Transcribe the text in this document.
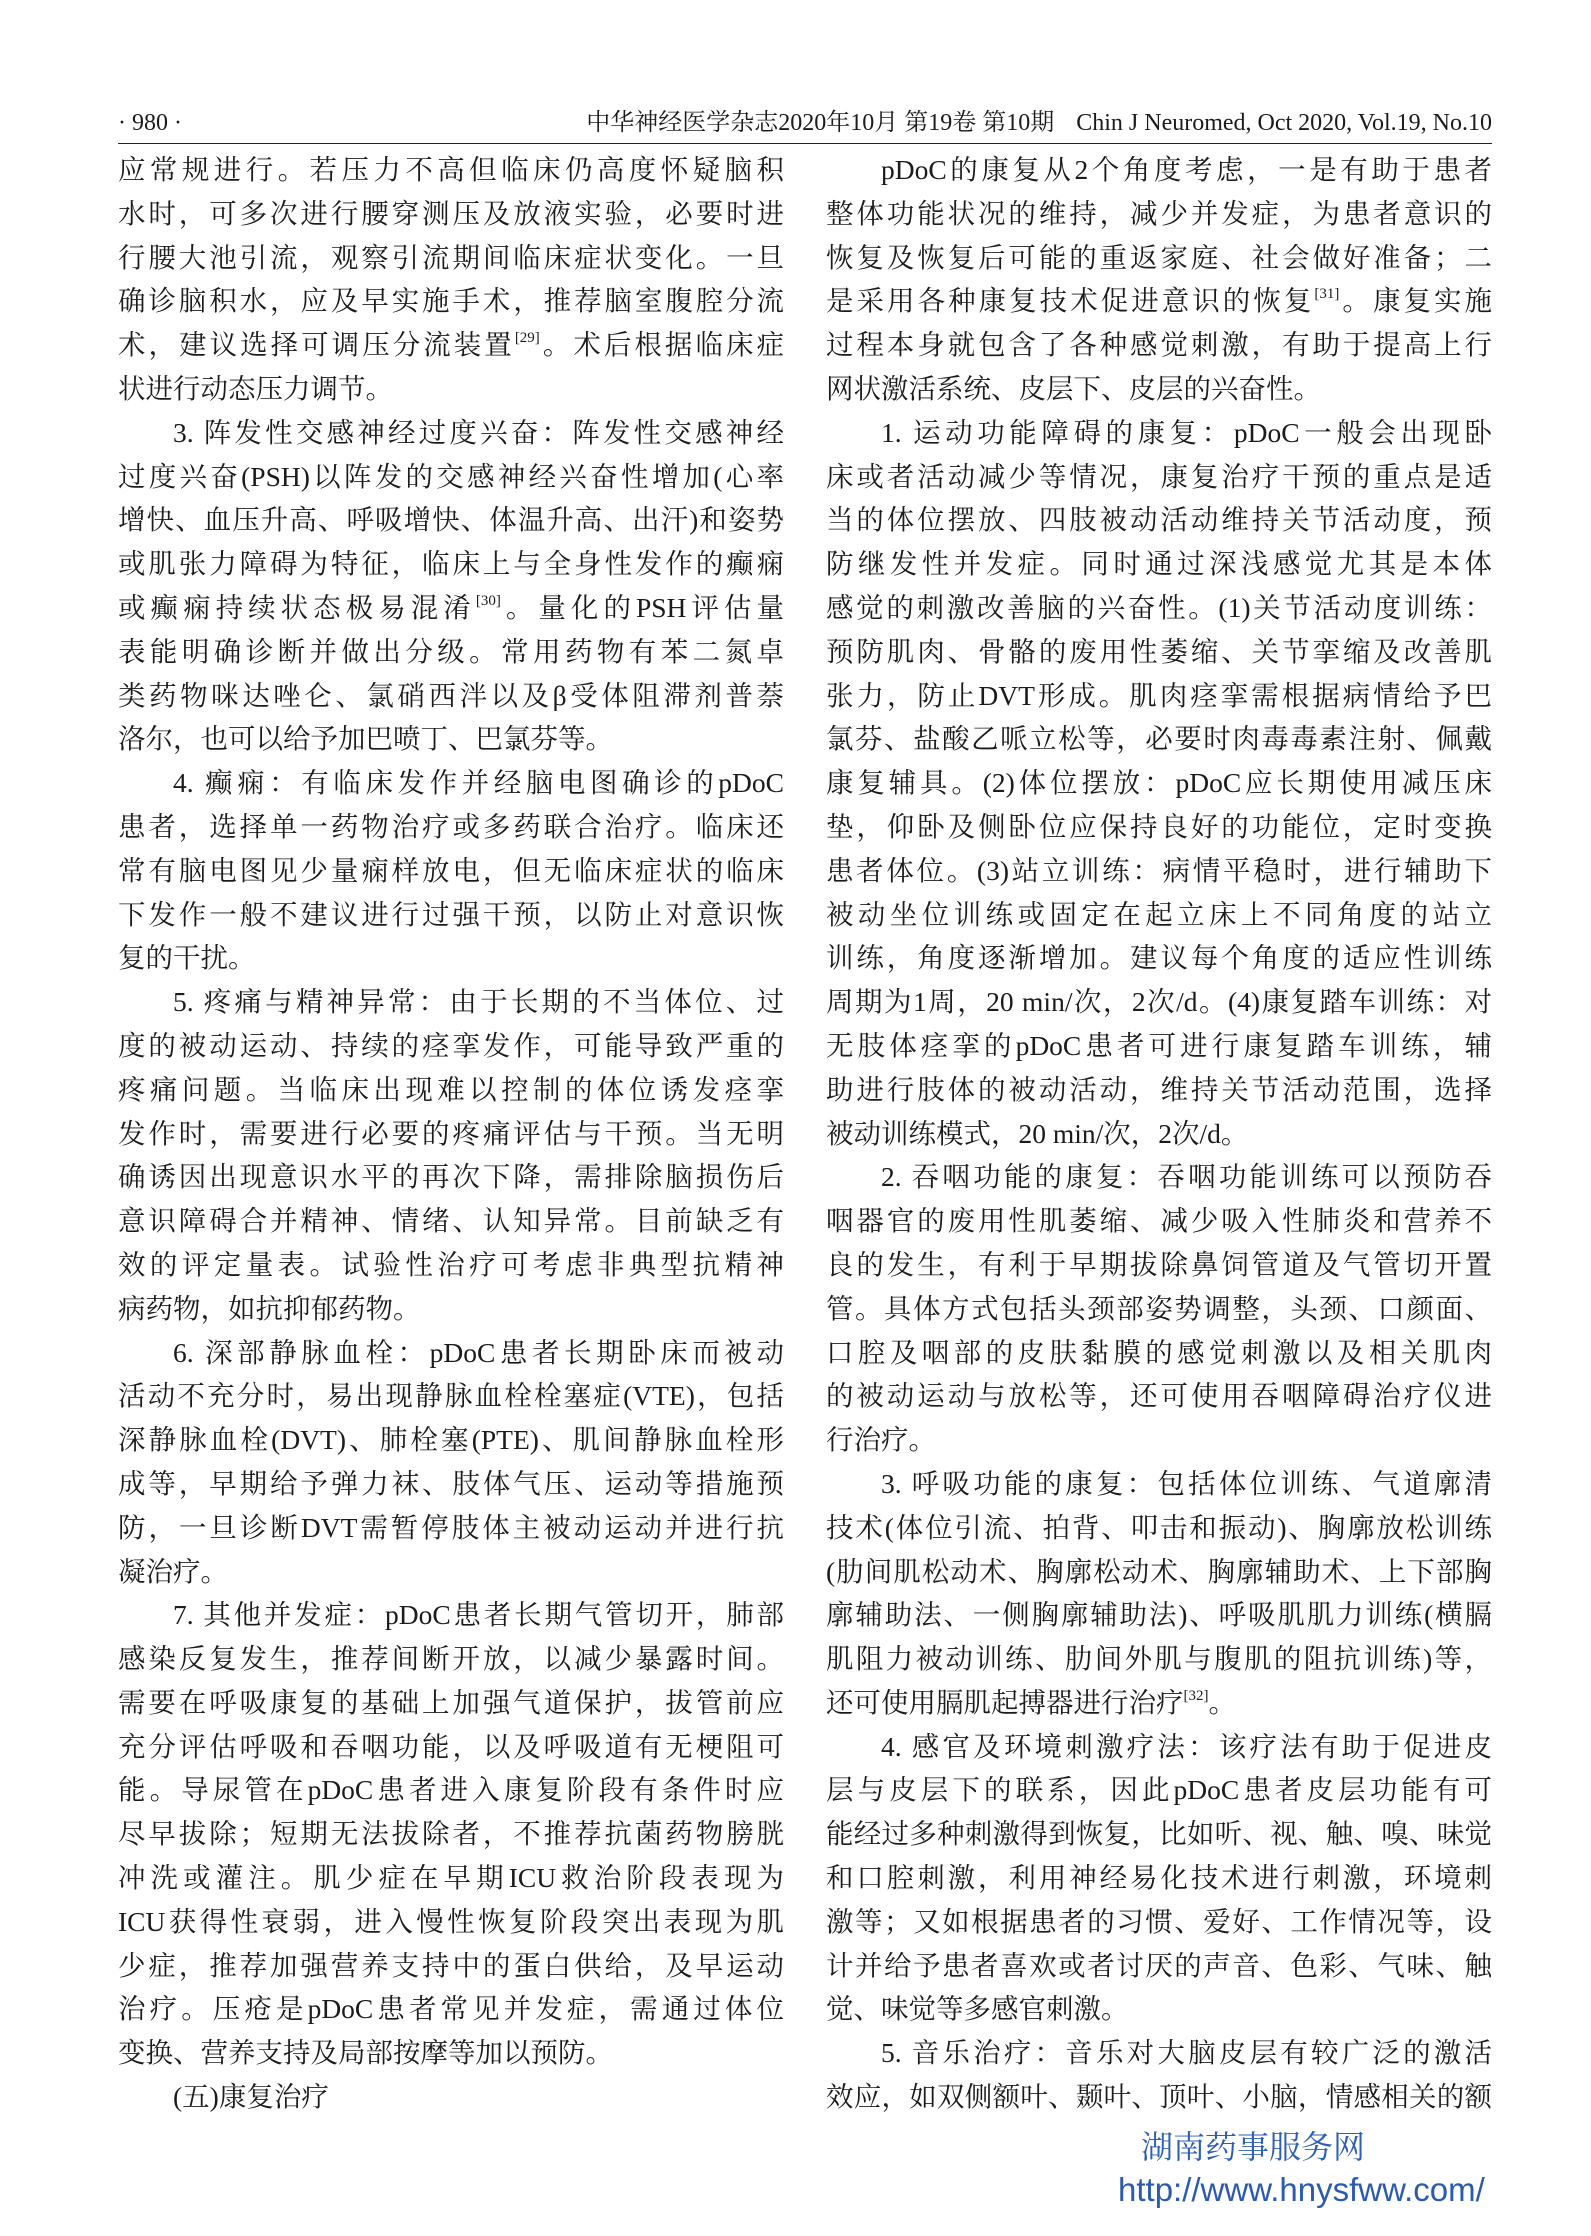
· 980 ·	中华神经医学杂志2020年10月 第19卷 第10期 Chin J Neuromed, Oct 2020, Vol.19, No.10
应常规进行。若压力不高但临床仍高度怀疑脑积
水时，可多次进行腰穿测压及放液实验，必要时进
行腰大池引流，观察引流期间临床症状变化。一旦
确诊脑积水，应及早实施手术，推荐脑室腹腔分流
术，建议选择可调压分流装置[29]。术后根据临床症
状进行动态压力调节。
3. 阵发性交感神经过度兴奋：阵发性交感神经
过度兴奋(PSH)以阵发的交感神经兴奋性增加(心率
增快、血压升高、呼吸增快、体温升高、出汗)和姿势
或肌张力障碍为特征，临床上与全身性发作的癫痫
或癫痫持续状态极易混淆[30]。量化的PSH评估量
表能明确诊断并做出分级。常用药物有苯二氮卓
类药物咪达唑仑、氯硝西泮以及β受体阻滞剂普萘
洛尔，也可以给予加巴喷丁、巴氯芬等。
4. 癫痫：有临床发作并经脑电图确诊的pDoC
患者，选择单一药物治疗或多药联合治疗。临床还
常有脑电图见少量痫样放电，但无临床症状的临床
下发作一般不建议进行过强干预，以防止对意识恢
复的干扰。
5. 疼痛与精神异常：由于长期的不当体位、过
度的被动运动、持续的痉挛发作，可能导致严重的
疼痛问题。当临床出现难以控制的体位诱发痉挛
发作时，需要进行必要的疼痛评估与干预。当无明
确诱因出现意识水平的再次下降，需排除脑损伤后
意识障碍合并精神、情绪、认知异常。目前缺乏有
效的评定量表。试验性治疗可考虑非典型抗精神
病药物，如抗抑郁药物。
6. 深部静脉血栓：pDoC患者长期卧床而被动
活动不充分时，易出现静脉血栓栓塞症(VTE)，包括
深静脉血栓(DVT)、肺栓塞(PTE)、肌间静脉血栓形
成等，早期给予弹力袜、肢体气压、运动等措施预
防，一旦诊断DVT需暂停肢体主被动运动并进行抗
凝治疗。
7. 其他并发症：pDoC患者长期气管切开，肺部
感染反复发生，推荐间断开放，以减少暴露时间。
需要在呼吸康复的基础上加强气道保护，拔管前应
充分评估呼吸和吞咽功能，以及呼吸道有无梗阻可
能。导尿管在pDoC患者进入康复阶段有条件时应
尽早拔除；短期无法拔除者，不推荐抗菌药物膀胱
冲洗或灌注。肌少症在早期ICU救治阶段表现为
ICU获得性衰弱，进入慢性恢复阶段突出表现为肌
少症，推荐加强营养支持中的蛋白供给，及早运动
治疗。压疮是pDoC患者常见并发症，需通过体位
变换、营养支持及局部按摩等加以预防。
(五)康复治疗
pDoC的康复从2个角度考虑，一是有助于患者
整体功能状况的维持，减少并发症，为患者意识的
恢复及恢复后可能的重返家庭、社会做好准备；二
是采用各种康复技术促进意识的恢复[31]。康复实施
过程本身就包含了各种感觉刺激，有助于提高上行
网状激活系统、皮层下、皮层的兴奋性。
1. 运动功能障碍的康复：pDoC一般会出现卧
床或者活动减少等情况，康复治疗干预的重点是适
当的体位摆放、四肢被动活动维持关节活动度，预
防继发性并发症。同时通过深浅感觉尤其是本体
感觉的刺激改善脑的兴奋性。(1)关节活动度训练：
预防肌肉、骨骼的废用性萎缩、关节挛缩及改善肌
张力，防止DVT形成。肌肉痉挛需根据病情给予巴
氯芬、盐酸乙哌立松等，必要时肉毒毒素注射、佩戴
康复辅具。(2)体位摆放：pDoC应长期使用减压床
垫，仰卧及侧卧位应保持良好的功能位，定时变换
患者体位。(3)站立训练：病情平稳时，进行辅助下
被动坐位训练或固定在起立床上不同角度的站立
训练，角度逐渐增加。建议每个角度的适应性训练
周期为1周，20 min/次，2次/d。(4)康复踏车训练：对
无肢体痉挛的pDoC患者可进行康复踏车训练，辅
助进行肢体的被动活动，维持关节活动范围，选择
被动训练模式，20 min/次，2次/d。
2. 吞咽功能的康复：吞咽功能训练可以预防吞
咽器官的废用性肌萎缩、减少吸入性肺炎和营养不
良的发生，有利于早期拔除鼻饲管道及气管切开置
管。具体方式包括头颈部姿势调整，头颈、口颜面、
口腔及咽部的皮肤黏膜的感觉刺激以及相关肌肉
的被动运动与放松等，还可使用吞咽障碍治疗仪进
行治疗。
3. 呼吸功能的康复：包括体位训练、气道廓清
技术(体位引流、拍背、叩击和振动)、胸廓放松训练
(肋间肌松动术、胸廓松动术、胸廓辅助术、上下部胸
廓辅助法、一侧胸廓辅助法)、呼吸肌肌力训练(横膈
肌阻力被动训练、肋间外肌与腹肌的阻抗训练)等，
还可使用膈肌起搏器进行治疗[32]。
4. 感官及环境刺激疗法：该疗法有助于促进皮
层与皮层下的联系，因此pDoC患者皮层功能有可
能经过多种刺激得到恢复，比如听、视、触、嗅、味觉
和口腔刺激，利用神经易化技术进行刺激，环境刺
激等；又如根据患者的习惯、爱好、工作情况等，设
计并给予患者喜欢或者讨厌的声音、色彩、气味、触
觉、味觉等多感官刺激。
5. 音乐治疗：音乐对大脑皮层有较广泛的激活
效应，如双侧额叶、颞叶、顶叶、小脑，情感相关的额
湖南药事服务网
http://www.hnysfww.com/
